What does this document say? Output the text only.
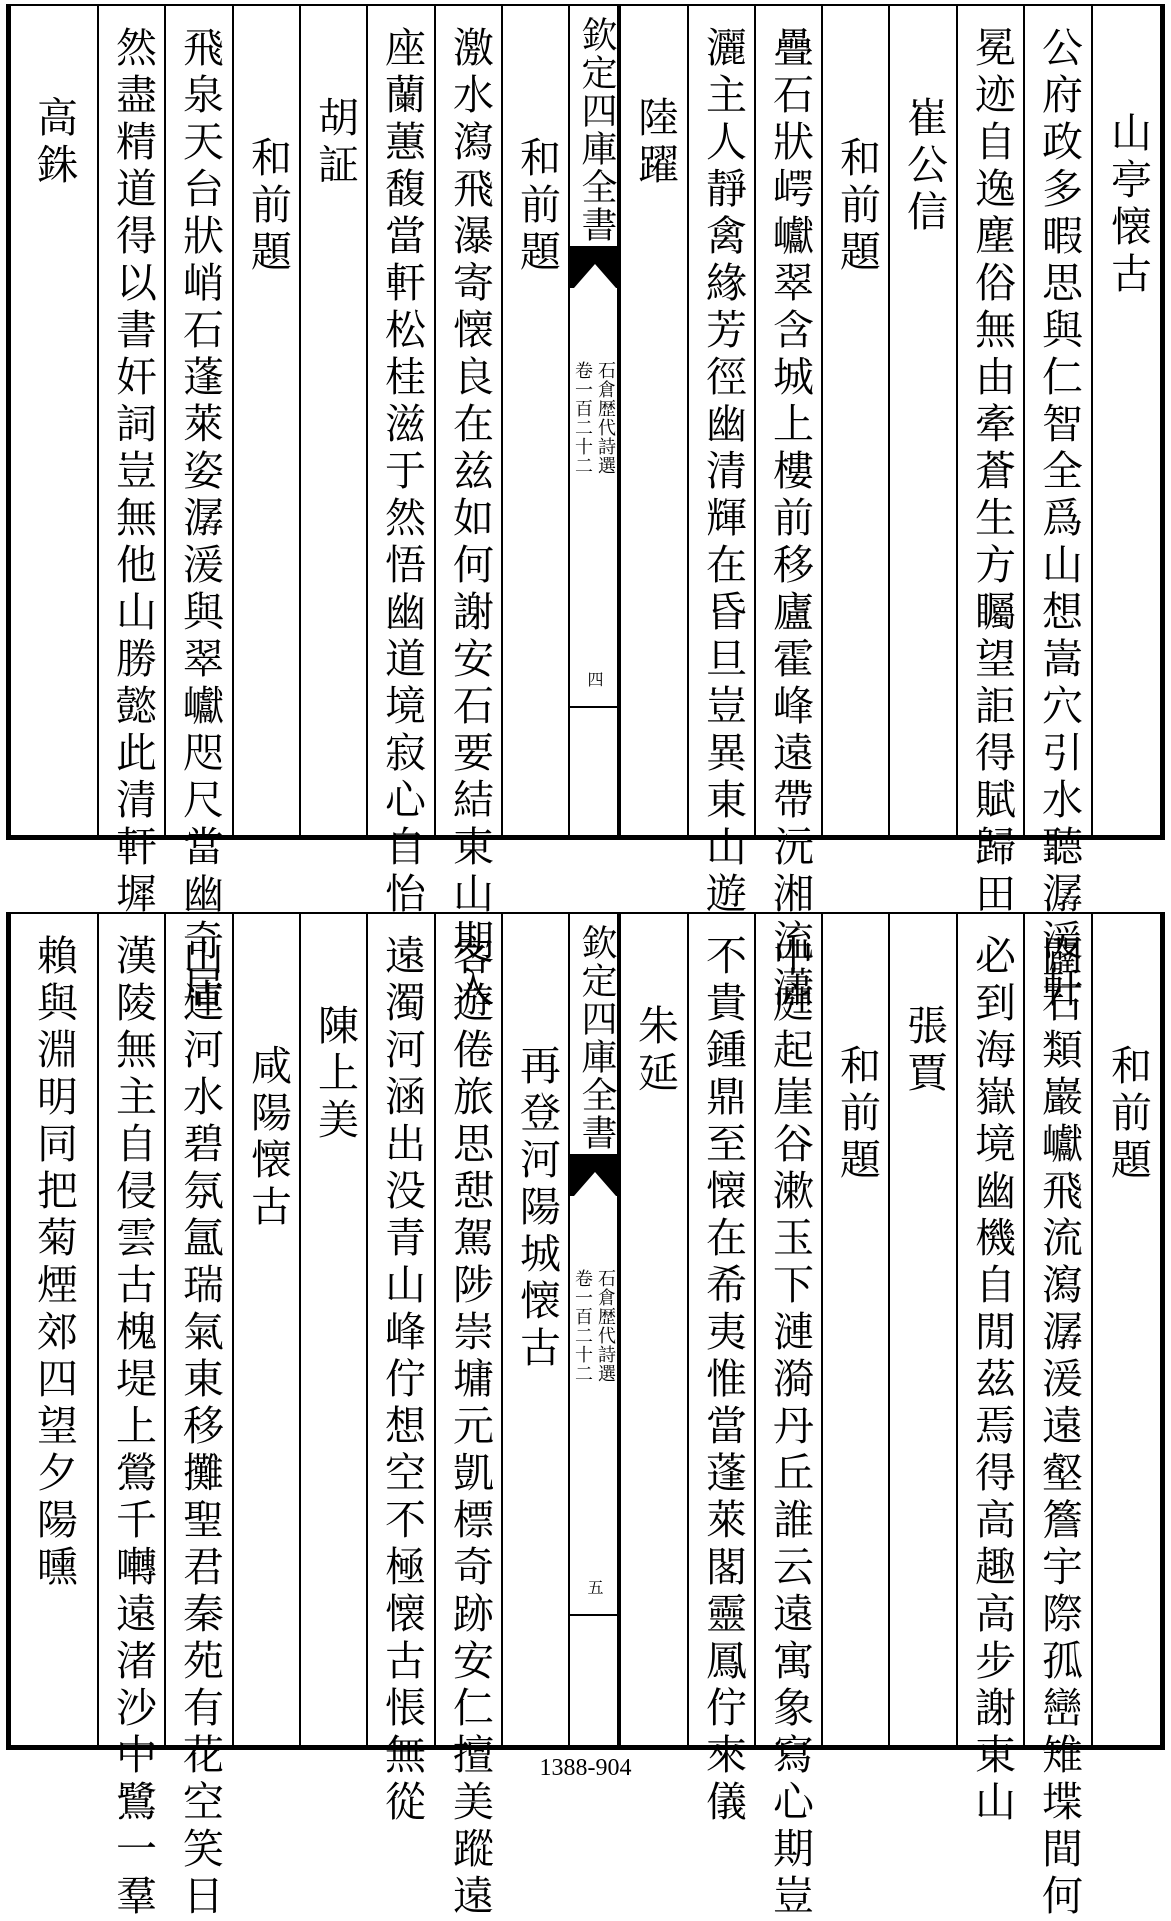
山亭懐古
公府政多暇思與仁智全爲山想嵩穴引水聽潺湲軒
冕迹自逸塵俗無由牽蒼生方矚望詎得賦歸田
崔公信
和前題
疊石狀崿巘翠含城上樓前移廬霍峰遠帶沅湘流瀟
灑主人靜禽緣芳徑幽清輝在昏旦豈異東山遊
陸躍
欽定四庫全書
石倉歴代詩選
卷一百二十二
四
和前題
激水瀉飛瀑寄懐良在兹如何謝安石要結東山期入
座蘭蕙馥當軒松桂滋于然悟幽道境寂心自怡
胡証
和前題
飛泉天台狀峭石蓬萊姿潺湲與翠巘咫尺當幽奇居
然盡精道得以書奸詞豈無他山勝懿此清軒墀
高銖
和前題
闢石類巖巘飛流瀉潺湲遠壑簷宇際孤巒雉堞間何
必到海嶽境幽機自閒茲焉得高趣高步謝東山
張賈
和前題
中庭起崖谷漱玉下漣漪丹丘誰云遠寓象寫心期豈
不貴鍾鼎至懐在希夷惟當蓬萊閣靈鳳佇來儀
朱延
欽定四庫全書
石倉歴代詩選
卷一百二十二
五
再登河陽城懐古
客遊倦旅思憇駕陟崇墉元凱標奇跡安仁擅美蹤遠
遠濁河涵出没青山峰佇想空不極懐古悵無從
陳上美
咸陽懐古
山連河水碧氛氲瑞氣東移攤聖君秦苑有花空笑日
漢陵無主自侵雲古槐堤上鶯千囀遠渚沙中鷺一羣
賴與淵明同把菊煙郊四望夕陽曛
1388-904
